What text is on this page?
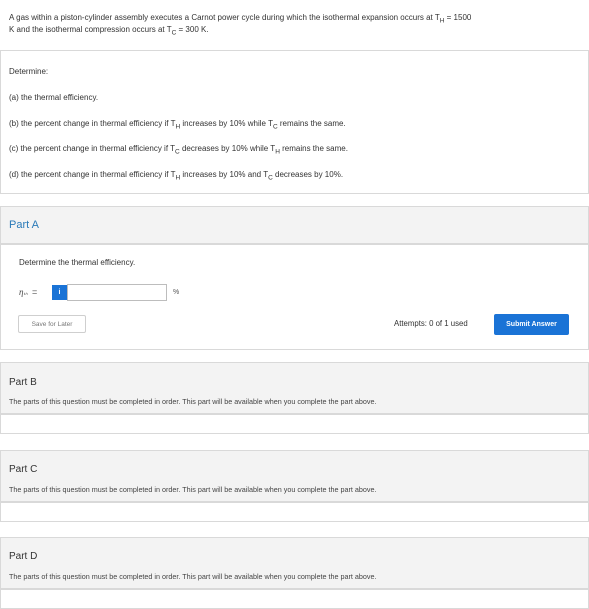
A gas within a piston-cylinder assembly executes a Carnot power cycle during which the isothermal expansion occurs at $T_H = 1500$
K and the isothermal compression occurs at $T_C = 300$ K.
Determine:
(a) the thermal efficiency.
(b) the percent change in thermal efficiency if $T_H$ increases by 10% while $T_C$ remains the same.
(c) the percent change in thermal efficiency if $T_C$ decreases by 10% while $T_H$ remains the same.
(d) the percent change in thermal efficiency if $T_H$ increases by 10% and $T_C$ decreases by 10%.
Part A
Determine the thermal efficiency.
ηₜₕ =	i	%
Save for Later	Attempts: 0 of 1 used	Submit Answer
Part B
The parts of this question must be completed in order. This part will be available when you complete the part above.
Part C
The parts of this question must be completed in order. This part will be available when you complete the part above.
Part D
The parts of this question must be completed in order. This part will be available when you complete the part above.
